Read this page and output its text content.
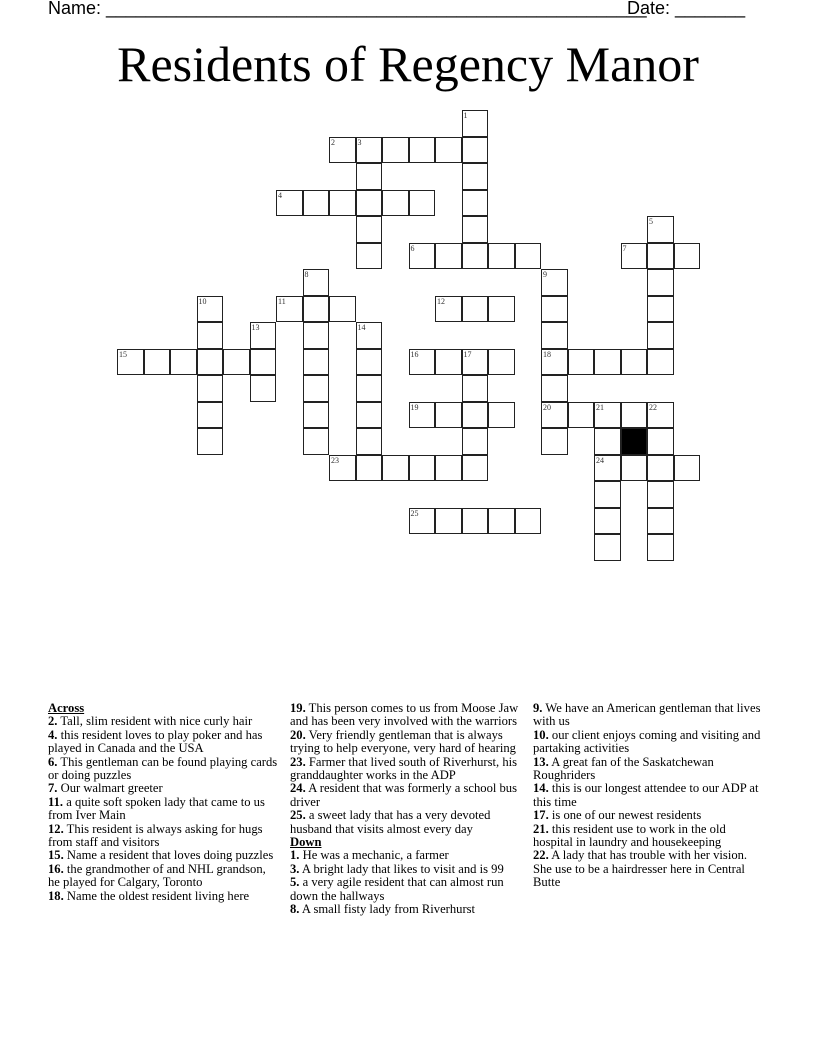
Name: ______________________________________________________
Date: _______
Residents of Regency Manor
1
2	3
4
5
6	7
8	9
18
20
10	11	12
13	14
15	16	17
19	21	22
24
23
25
Across
2. Tall, slim resident with nice curly hair
4. this resident loves to play poker and has played in Canada and the USA
6. This gentleman can be found playing cards or doing puzzles
7. Our walmart greeter
11. a quite soft spoken lady that came to us from Iver Main
12. This resident is always asking for hugs from staff and visitors
15. Name a resident that loves doing puzzles
16. the grandmother of and NHL grandson, he played for Calgary, Toronto
18. Name the oldest resident living here
19. This person comes to us from Moose Jaw and has been very involved with the warriors
20. Very friendly gentleman that is always trying to help everyone, very hard of hearing
23. Farmer that lived south of Riverhurst, his granddaughter works in the ADP
24. A resident that was formerly a school bus driver
25. a sweet lady that has a very devoted husband that visits almost every day
Down
1. He was a mechanic, a farmer
3. A bright lady that likes to visit and is 99
5. a very agile resident that can almost run down the hallways
8. A small fisty lady from Riverhurst
9. We have an American gentleman that lives with us
10. our client enjoys coming and visiting and partaking activities
13. A great fan of the Saskatchewan Roughriders
14. this is our longest attendee to our ADP at this time
17. is one of our newest residents
21. this resident use to work in the old hospital in laundry and housekeeping
22. A lady that has trouble with her vision. She use to be a hairdresser here in Central Butte
